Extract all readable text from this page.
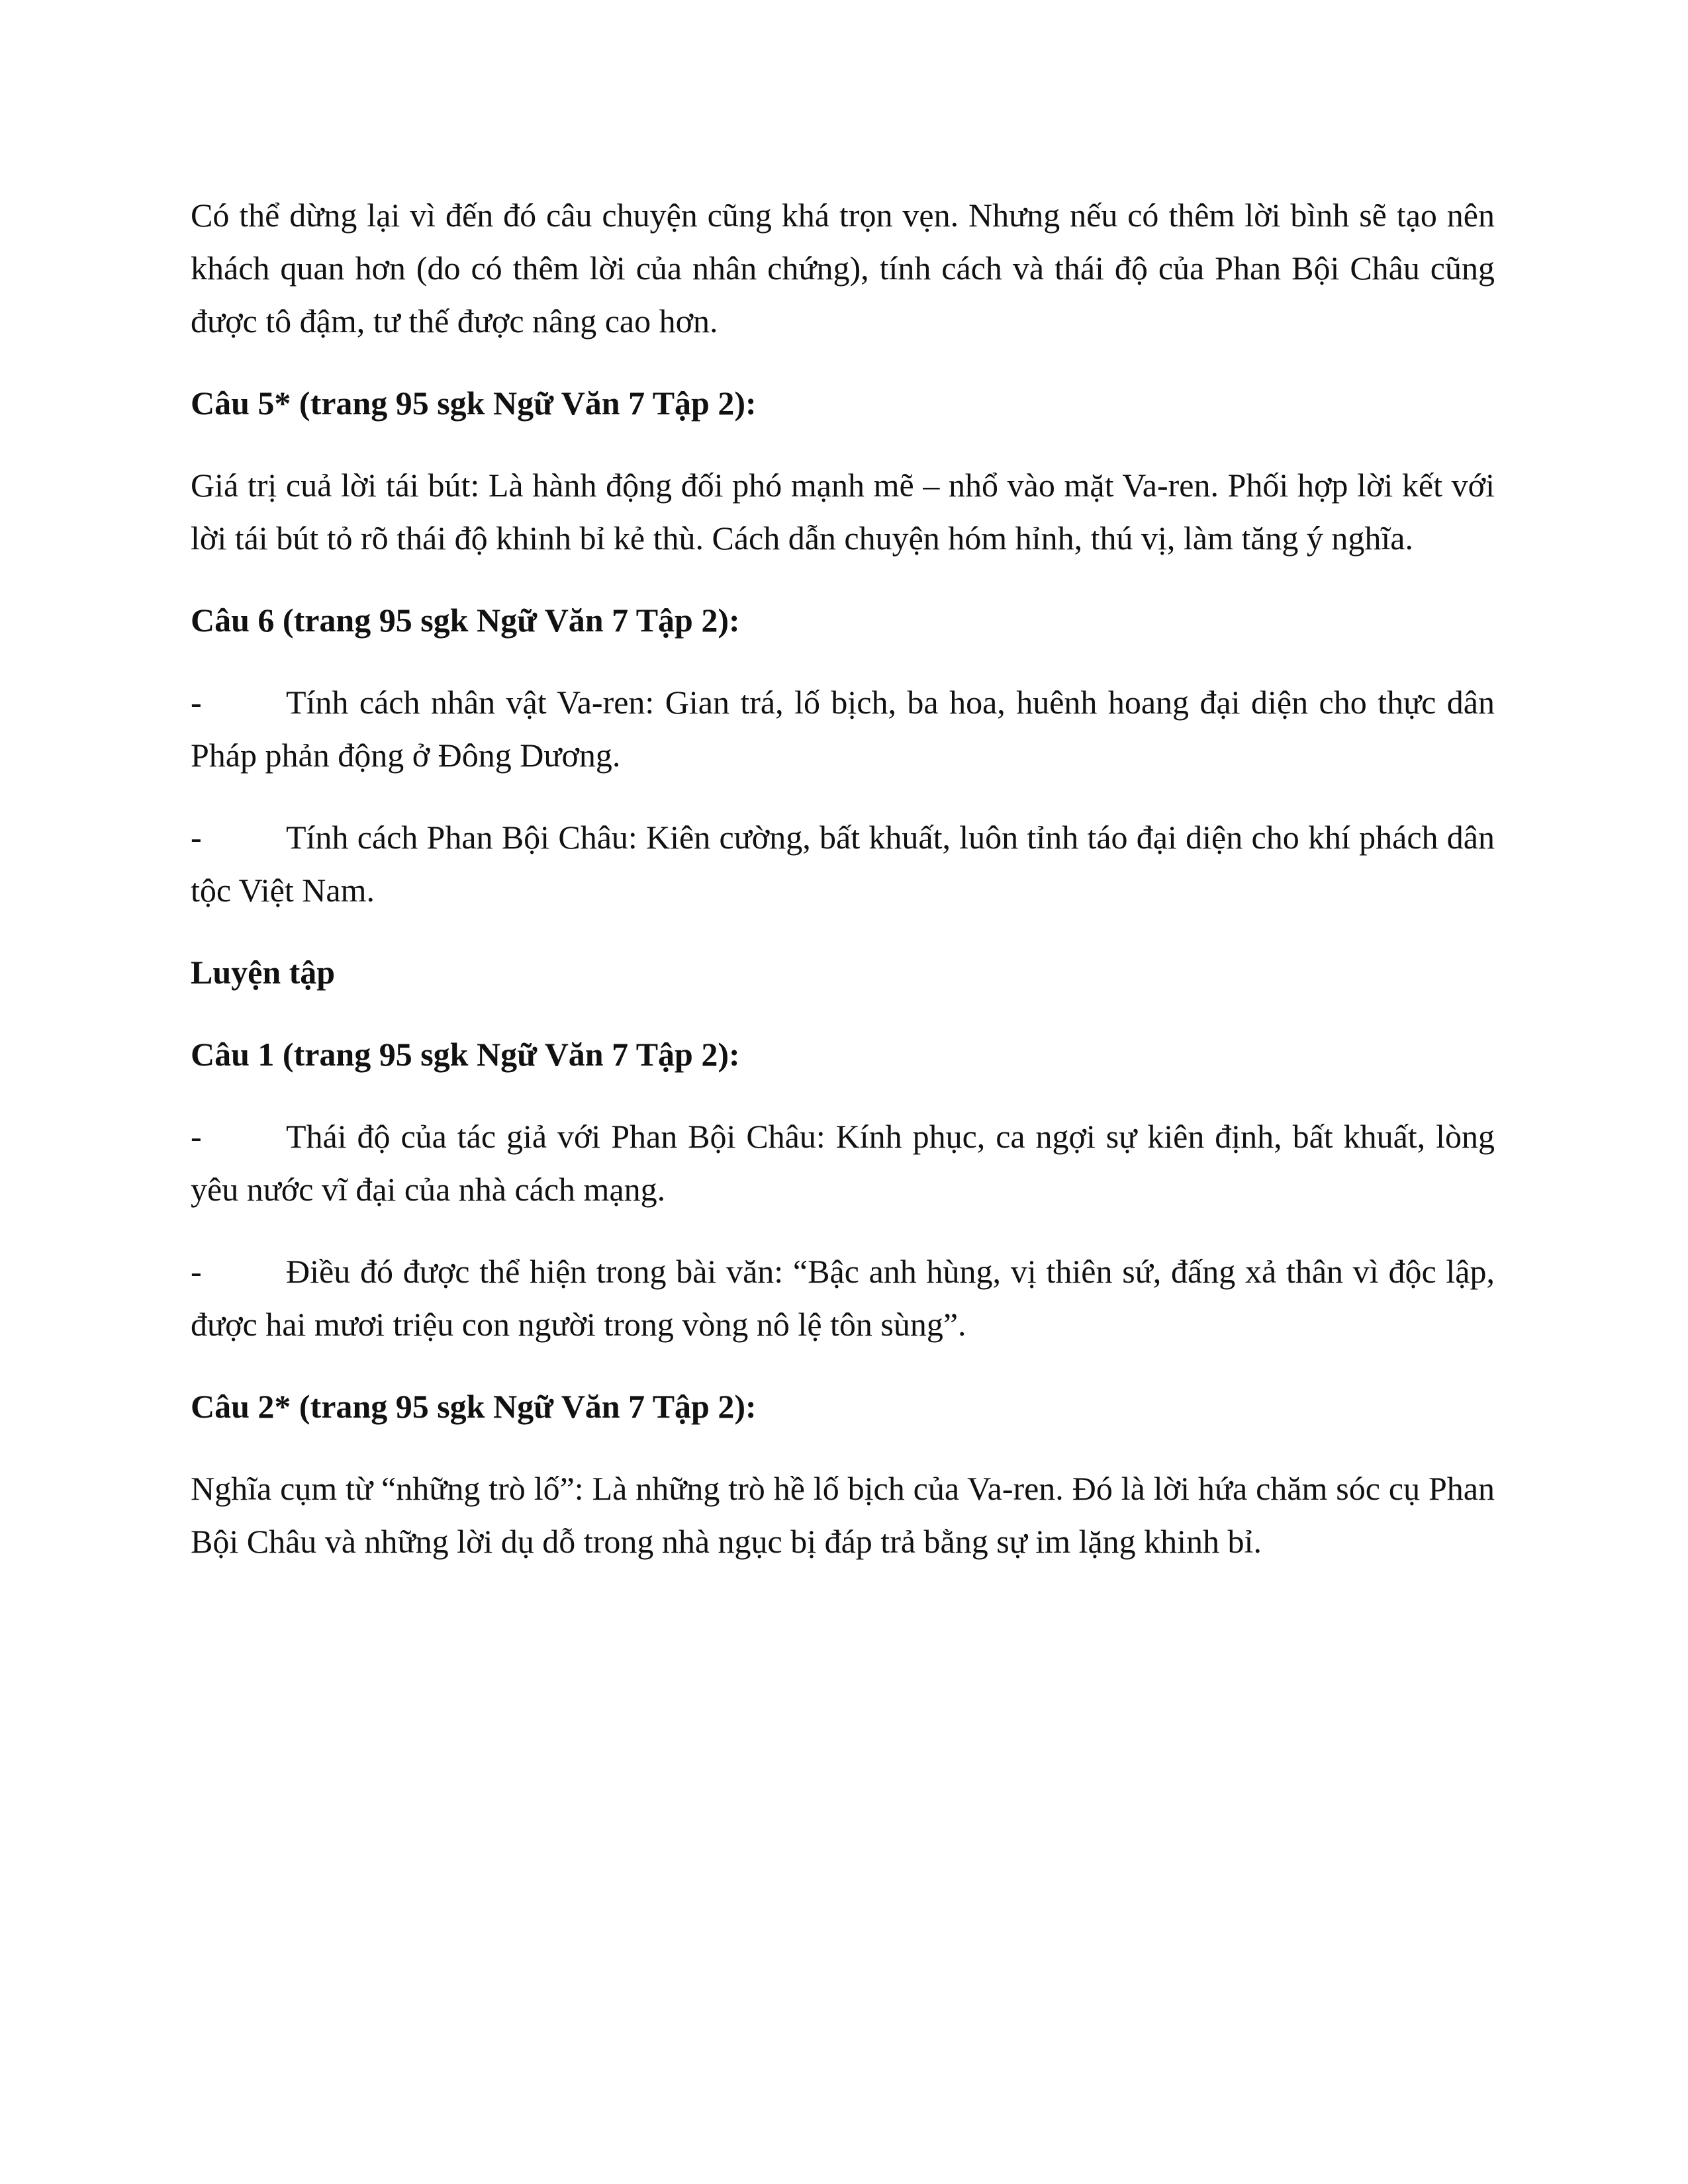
Có thể dừng lại vì đến đó câu chuyện cũng khá trọn vẹn. Nhưng nếu có thêm lời bình sẽ tạo nên khách quan hơn (do có thêm lời của nhân chứng), tính cách và thái độ của Phan Bội Châu cũng được tô đậm, tư thế được nâng cao hơn.

Câu 5* (trang 95 sgk Ngữ Văn 7 Tập 2):

Giá trị cuả lời tái bút: Là hành động đối phó mạnh mẽ – nhổ vào mặt Va-ren. Phối hợp lời kết với lời tái bút tỏ rõ thái độ khinh bỉ kẻ thù. Cách dẫn chuyện hóm hỉnh, thú vị, làm tăng ý nghĩa.

Câu 6 (trang 95 sgk Ngữ Văn 7 Tập 2):

-	Tính cách nhân vật Va-ren: Gian trá, lố bịch, ba hoa, huênh hoang đại diện cho thực dân Pháp phản động ở Đông Dương.

-	Tính cách Phan Bội Châu: Kiên cường, bất khuất, luôn tỉnh táo đại diện cho khí phách dân tộc Việt Nam.

Luyện tập

Câu 1 (trang 95 sgk Ngữ Văn 7 Tập 2):

-	Thái độ của tác giả với Phan Bội Châu: Kính phục, ca ngợi sự kiên định, bất khuất, lòng yêu nước vĩ đại của nhà cách mạng.

-	Điều đó được thể hiện trong bài văn: “Bậc anh hùng, vị thiên sứ, đấng xả thân vì độc lập, được hai mươi triệu con người trong vòng nô lệ tôn sùng”.

Câu 2* (trang 95 sgk Ngữ Văn 7 Tập 2):

Nghĩa cụm từ “những trò lố”: Là những trò hề lố bịch của Va-ren. Đó là lời hứa chăm sóc cụ Phan Bội Châu và những lời dụ dỗ trong nhà ngục bị đáp trả bằng sự im lặng khinh bỉ.
